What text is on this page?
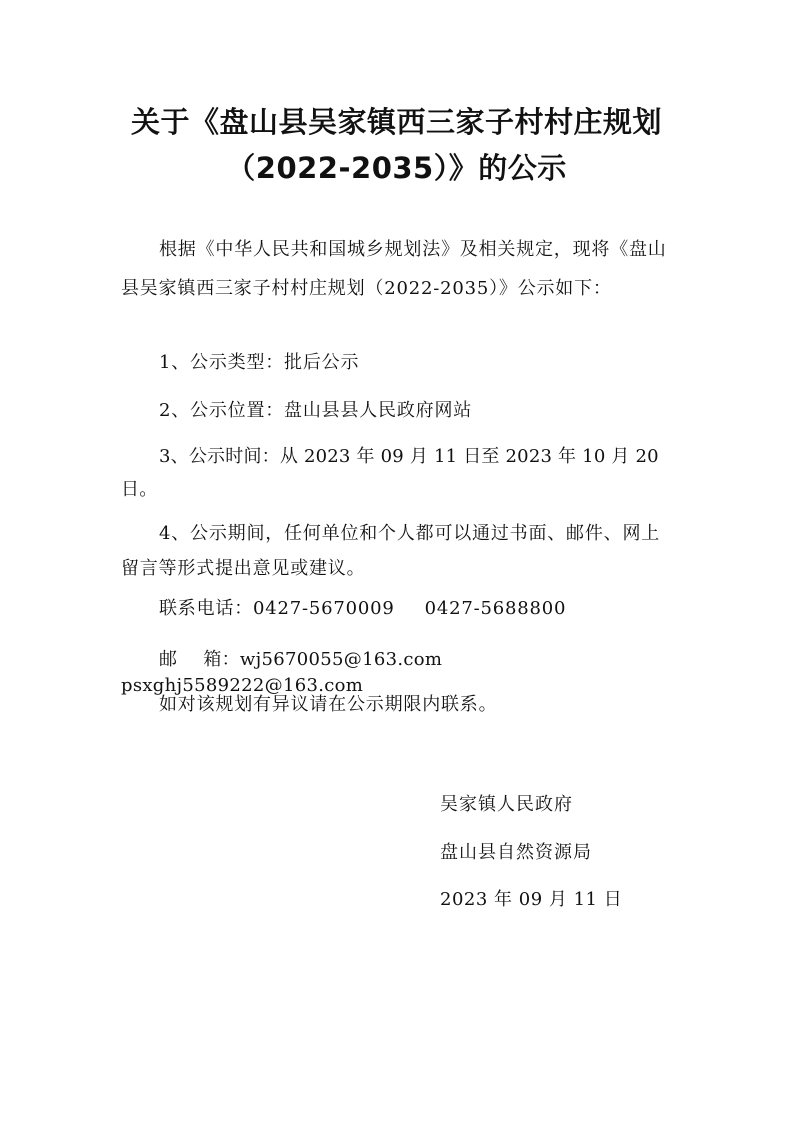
关于《盘山县吴家镇西三家子村村庄规划
（2022-2035）》的公示

根据《中华人民共和国城乡规划法》及相关规定，现将《盘山县吴家镇西三家子村村庄规划（2022-2035）》公示如下：

1、公示类型：批后公示

2、公示位置：盘山县县人民政府网站

3、公示时间：从 2023 年 09 月 11 日至 2023 年 10 月 20 日。

4、公示期间，任何单位和个人都可以通过书面、邮件、网上留言等形式提出意见或建议。

联系电话：0427-5670009 0427-5688800

邮 箱：wj5670055@163.compsxghj5589222@163.com

如对该规划有异议请在公示期限内联系。

吴家镇人民政府

盘山县自然资源局

2023 年 09 月 11 日
